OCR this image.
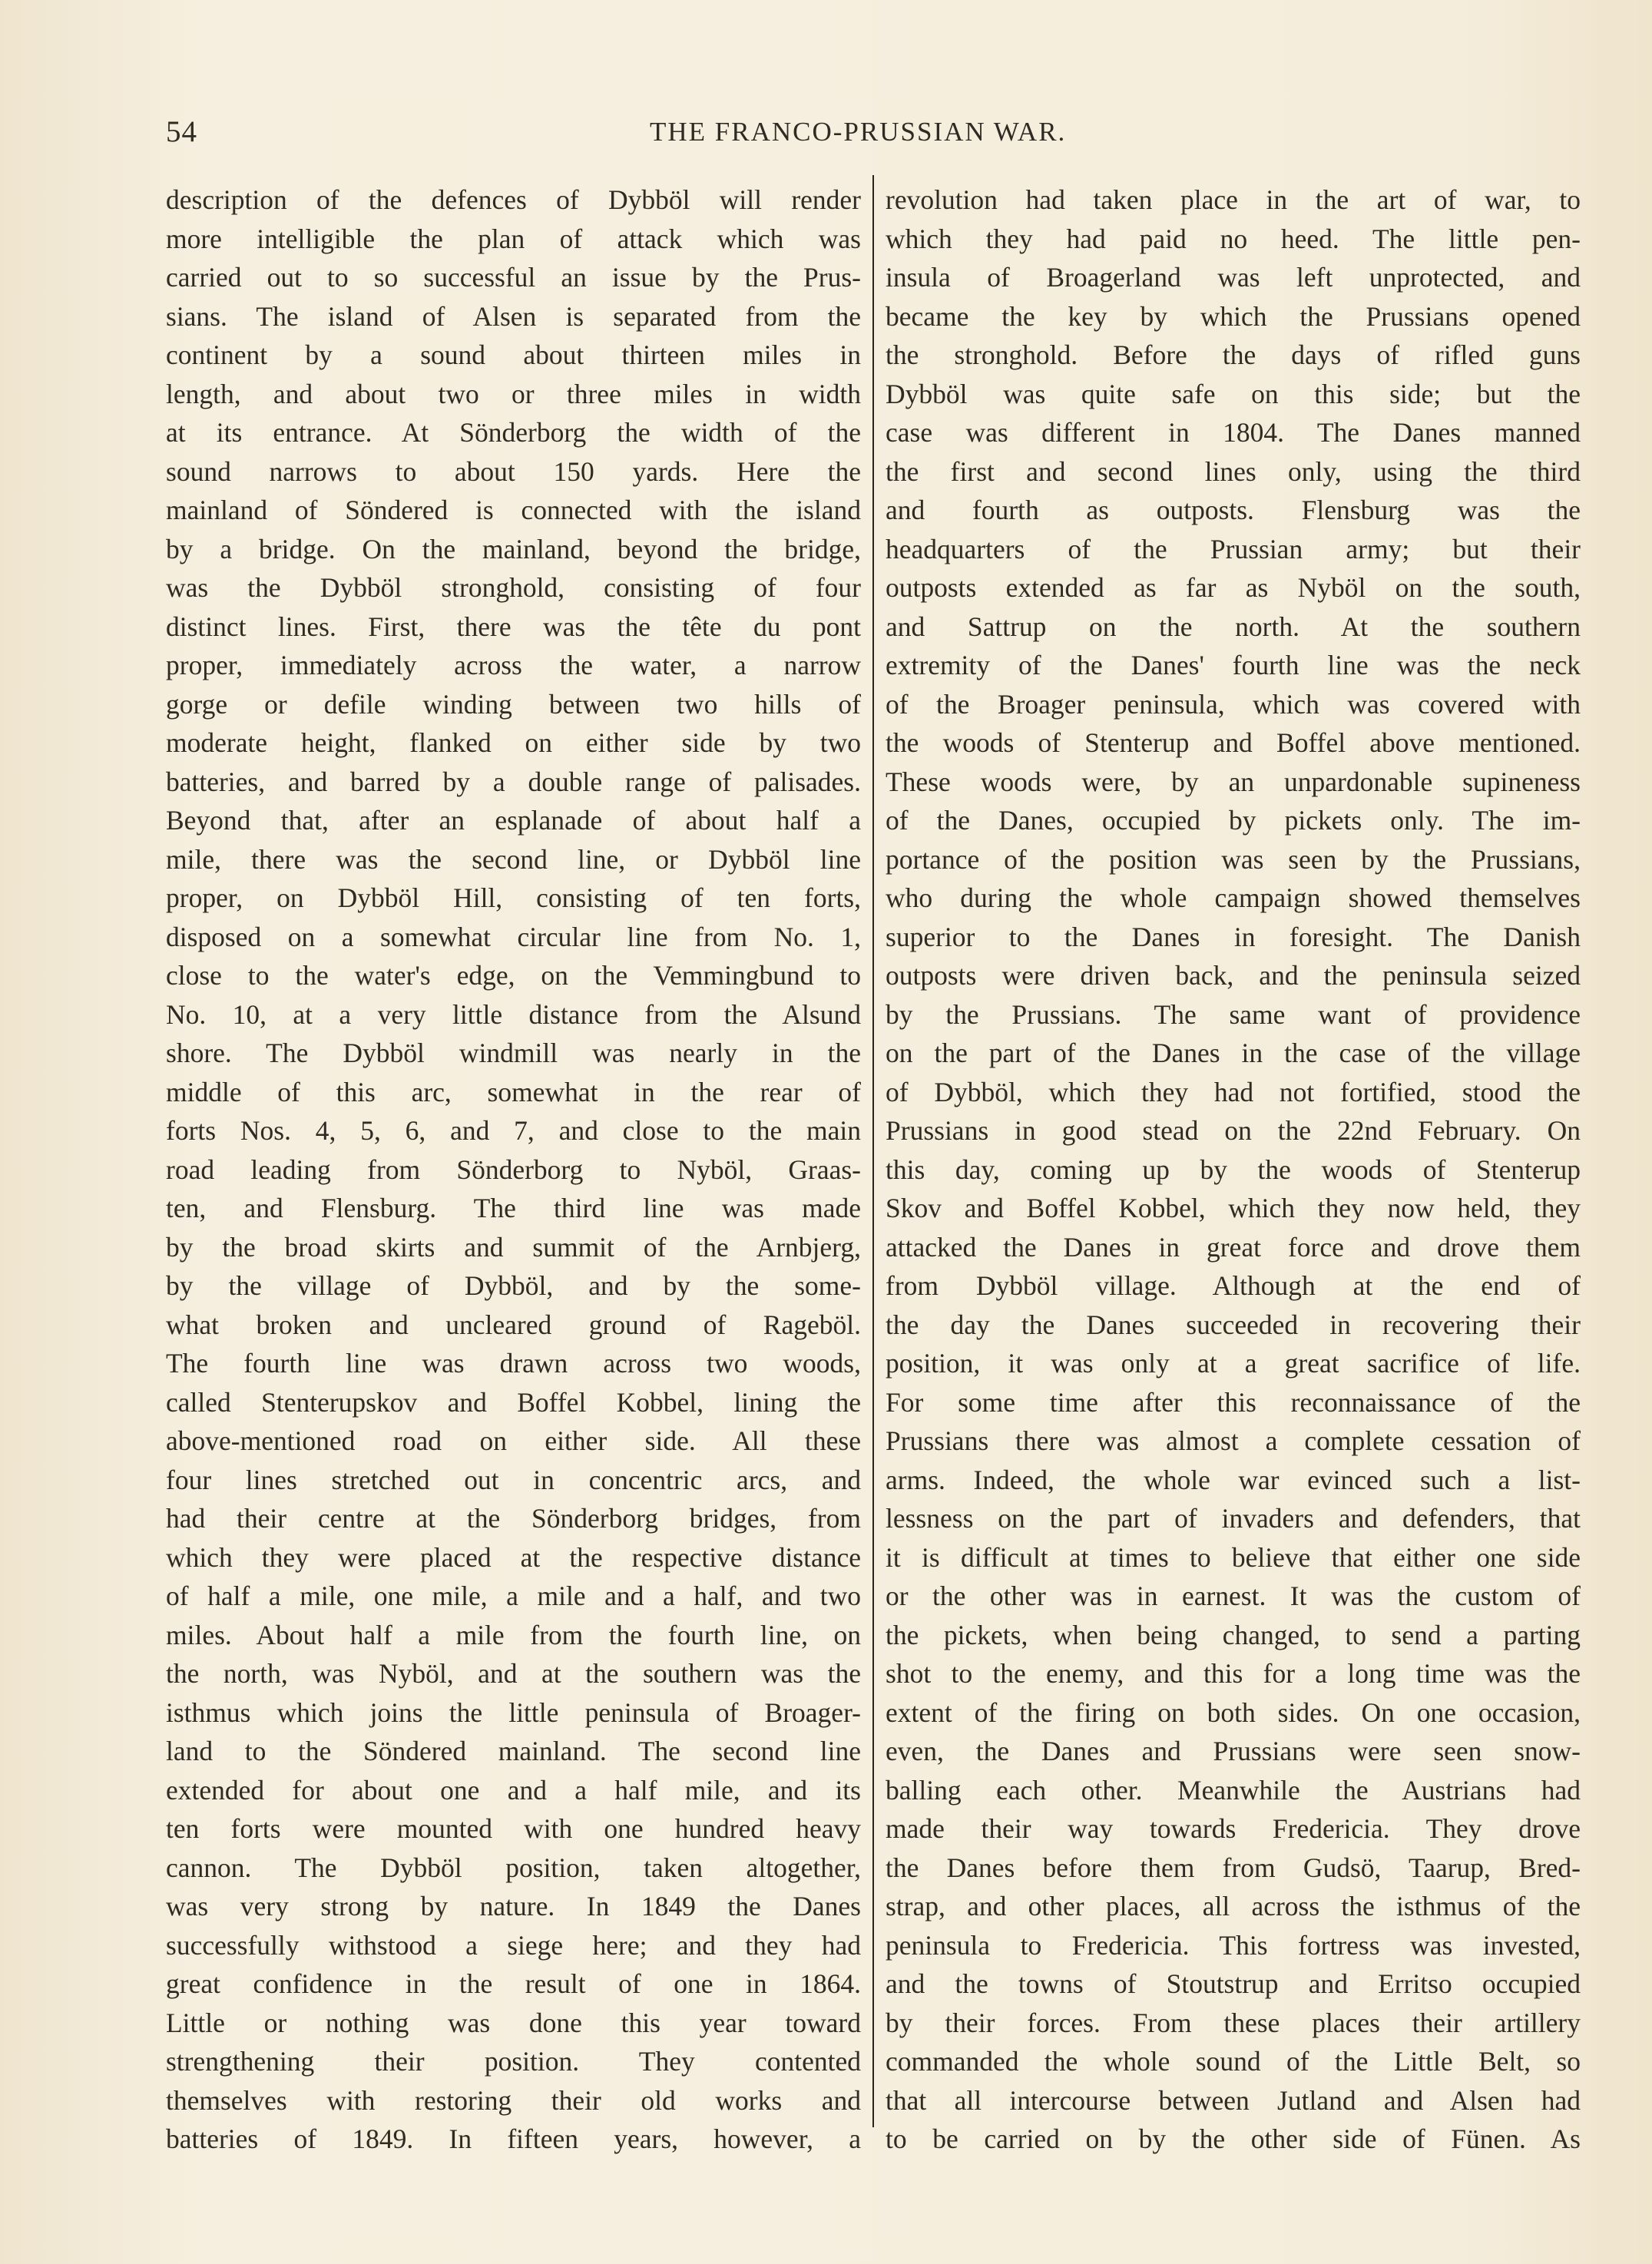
54	THE FRANCO-PRUSSIAN WAR.
description of the defences of Dybböl will render
more intelligible the plan of attack which was
carried out to so successful an issue by the Prus-
sians. The island of Alsen is separated from the
continent by a sound about thirteen miles in
length, and about two or three miles in width
at its entrance. At Sönderborg the width of the
sound narrows to about 150 yards. Here the
mainland of Söndered is connected with the island
by a bridge. On the mainland, beyond the bridge,
was the Dybböl stronghold, consisting of four
distinct lines. First, there was the tête du pont
proper, immediately across the water, a narrow
gorge or defile winding between two hills of
moderate height, flanked on either side by two
batteries, and barred by a double range of palisades.
Beyond that, after an esplanade of about half a
mile, there was the second line, or Dybböl line
proper, on Dybböl Hill, consisting of ten forts,
disposed on a somewhat circular line from No. 1,
close to the water's edge, on the Vemmingbund to
No. 10, at a very little distance from the Alsund
shore. The Dybböl windmill was nearly in the
middle of this arc, somewhat in the rear of
forts Nos. 4, 5, 6, and 7, and close to the main
road leading from Sönderborg to Nyböl, Graas-
ten, and Flensburg. The third line was made
by the broad skirts and summit of the Arnbjerg,
by the village of Dybböl, and by the some-
what broken and uncleared ground of Rageböl.
The fourth line was drawn across two woods,
called Stenterupskov and Boffel Kobbel, lining the
above-mentioned road on either side. All these
four lines stretched out in concentric arcs, and
had their centre at the Sönderborg bridges, from
which they were placed at the respective distance
of half a mile, one mile, a mile and a half, and two
miles. About half a mile from the fourth line, on
the north, was Nyböl, and at the southern was the
isthmus which joins the little peninsula of Broager-
land to the Söndered mainland. The second line
extended for about one and a half mile, and its
ten forts were mounted with one hundred heavy
cannon. The Dybböl position, taken altogether,
was very strong by nature. In 1849 the Danes
successfully withstood a siege here; and they had
great confidence in the result of one in 1864.
Little or nothing was done this year toward
strengthening their position. They contented
themselves with restoring their old works and
batteries of 1849. In fifteen years, however, a
revolution had taken place in the art of war, to
which they had paid no heed. The little pen-
insula of Broagerland was left unprotected, and
became the key by which the Prussians opened
the stronghold. Before the days of rifled guns
Dybböl was quite safe on this side; but the
case was different in 1804. The Danes manned
the first and second lines only, using the third
and fourth as outposts. Flensburg was the
headquarters of the Prussian army; but their
outposts extended as far as Nyböl on the south,
and Sattrup on the north. At the southern
extremity of the Danes' fourth line was the neck
of the Broager peninsula, which was covered with
the woods of Stenterup and Boffel above mentioned.
These woods were, by an unpardonable supineness
of the Danes, occupied by pickets only. The im-
portance of the position was seen by the Prussians,
who during the whole campaign showed themselves
superior to the Danes in foresight. The Danish
outposts were driven back, and the peninsula seized
by the Prussians. The same want of providence
on the part of the Danes in the case of the village
of Dybböl, which they had not fortified, stood the
Prussians in good stead on the 22nd February. On
this day, coming up by the woods of Stenterup
Skov and Boffel Kobbel, which they now held, they
attacked the Danes in great force and drove them
from Dybböl village. Although at the end of
the day the Danes succeeded in recovering their
position, it was only at a great sacrifice of life.
For some time after this reconnaissance of the
Prussians there was almost a complete cessation of
arms. Indeed, the whole war evinced such a list-
lessness on the part of invaders and defenders, that
it is difficult at times to believe that either one side
or the other was in earnest. It was the custom of
the pickets, when being changed, to send a parting
shot to the enemy, and this for a long time was the
extent of the firing on both sides. On one occasion,
even, the Danes and Prussians were seen snow-
balling each other. Meanwhile the Austrians had
made their way towards Fredericia. They drove
the Danes before them from Gudsö, Taarup, Bred-
strap, and other places, all across the isthmus of the
peninsula to Fredericia. This fortress was invested,
and the towns of Stoutstrup and Erritso occupied
by their forces. From these places their artillery
commanded the whole sound of the Little Belt, so
that all intercourse between Jutland and Alsen had
to be carried on by the other side of Fünen. As
